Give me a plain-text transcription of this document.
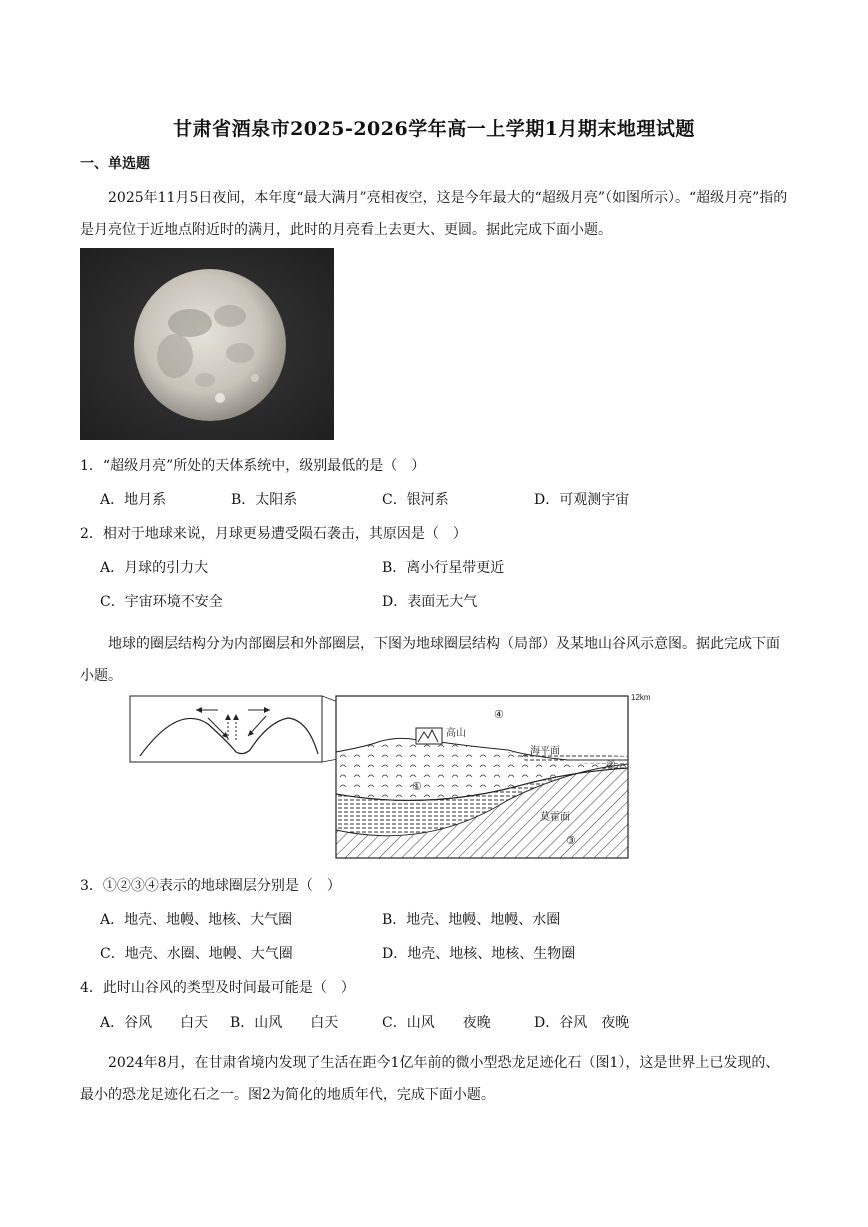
甘肃省酒泉市2025-2026学年高一上学期1月期末地理试题
一、单选题
2025年11月5日夜间，本年度“最大满月”亮相夜空，这是今年最大的“超级月亮”（如图所示）。“超级月亮”指的是月亮位于近地点附近时的满月，此时的月亮看上去更大、更圆。据此完成下面小题。
1．“超级月亮”所处的天体系统中，级别最低的是（　）
A．地月系	B．太阳系	C．银河系	D．可观测宇宙
2．相对于地球来说，月球更易遭受陨石袭击，其原因是（　）
A．月球的引力大	B．离小行星带更近
C．宇宙环境不安全	D．表面无大气
地球的圈层结构分为内部圈层和外部圈层，下图为地球圈层结构（局部）及某地山谷风示意图。据此完成下面小题。
12km
高山
海平面
莫霍面
①
②
③
④
3．①②③④表示的地球圈层分别是（　）
A．地壳、地幔、地核、大气圈	B．地壳、地幔、地幔、水圈
C．地壳、水圈、地幔、大气圈	D．地壳、地核、地核、生物圈
4．此时山谷风的类型及时间最可能是（　）
A．谷风　　白天 B．山风　　白天	C．山风　　夜晚	D．谷风　夜晚
2024年8月，在甘肃省境内发现了生活在距今1亿年前的微小型恐龙足迹化石（图1），这是世界上已发现的、最小的恐龙足迹化石之一。图2为简化的地质年代，完成下面小题。
